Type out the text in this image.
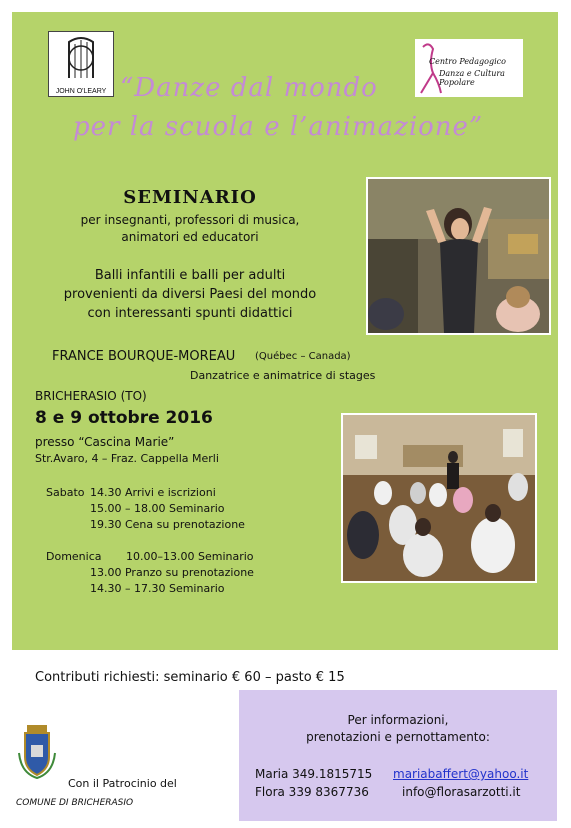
JOHN O'LEARY
Centro Pedagogico
Danza e Cultura Popolare
“Danze dal mondo
per la scuola e l’animazione”
SEMINARIO
per insegnanti, professori di musica,
animatori ed educatori
Balli infantili e balli per adulti
provenienti da diversi Paesi del mondo
con interessanti spunti didattici
FRANCE BOURQUE-MOREAU (Québec – Canada)
Danzatrice e animatrice di stages
BRICHERASIO (TO)
8 e 9 ottobre 2016
presso “Cascina Marie”
Str.Avaro, 4 – Fraz. Cappella Merli
Sabato 14.30 Arrivi e iscrizioni
15.00 – 18.00 Seminario
19.30 Cena su prenotazione
Domenica 10.00–13.00 Seminario
13.00 Pranzo su prenotazione
14.30 – 17.30 Seminario
Contributi richiesti: seminario € 60 – pasto € 15
Con il Patrocinio del
COMUNE DI BRICHERASIO
Per informazioni,
prenotazioni e pernottamento:
Maria 349.1815715 mariabaffert@yahoo.it
Flora 339 8367736	info@florasarzotti.it
